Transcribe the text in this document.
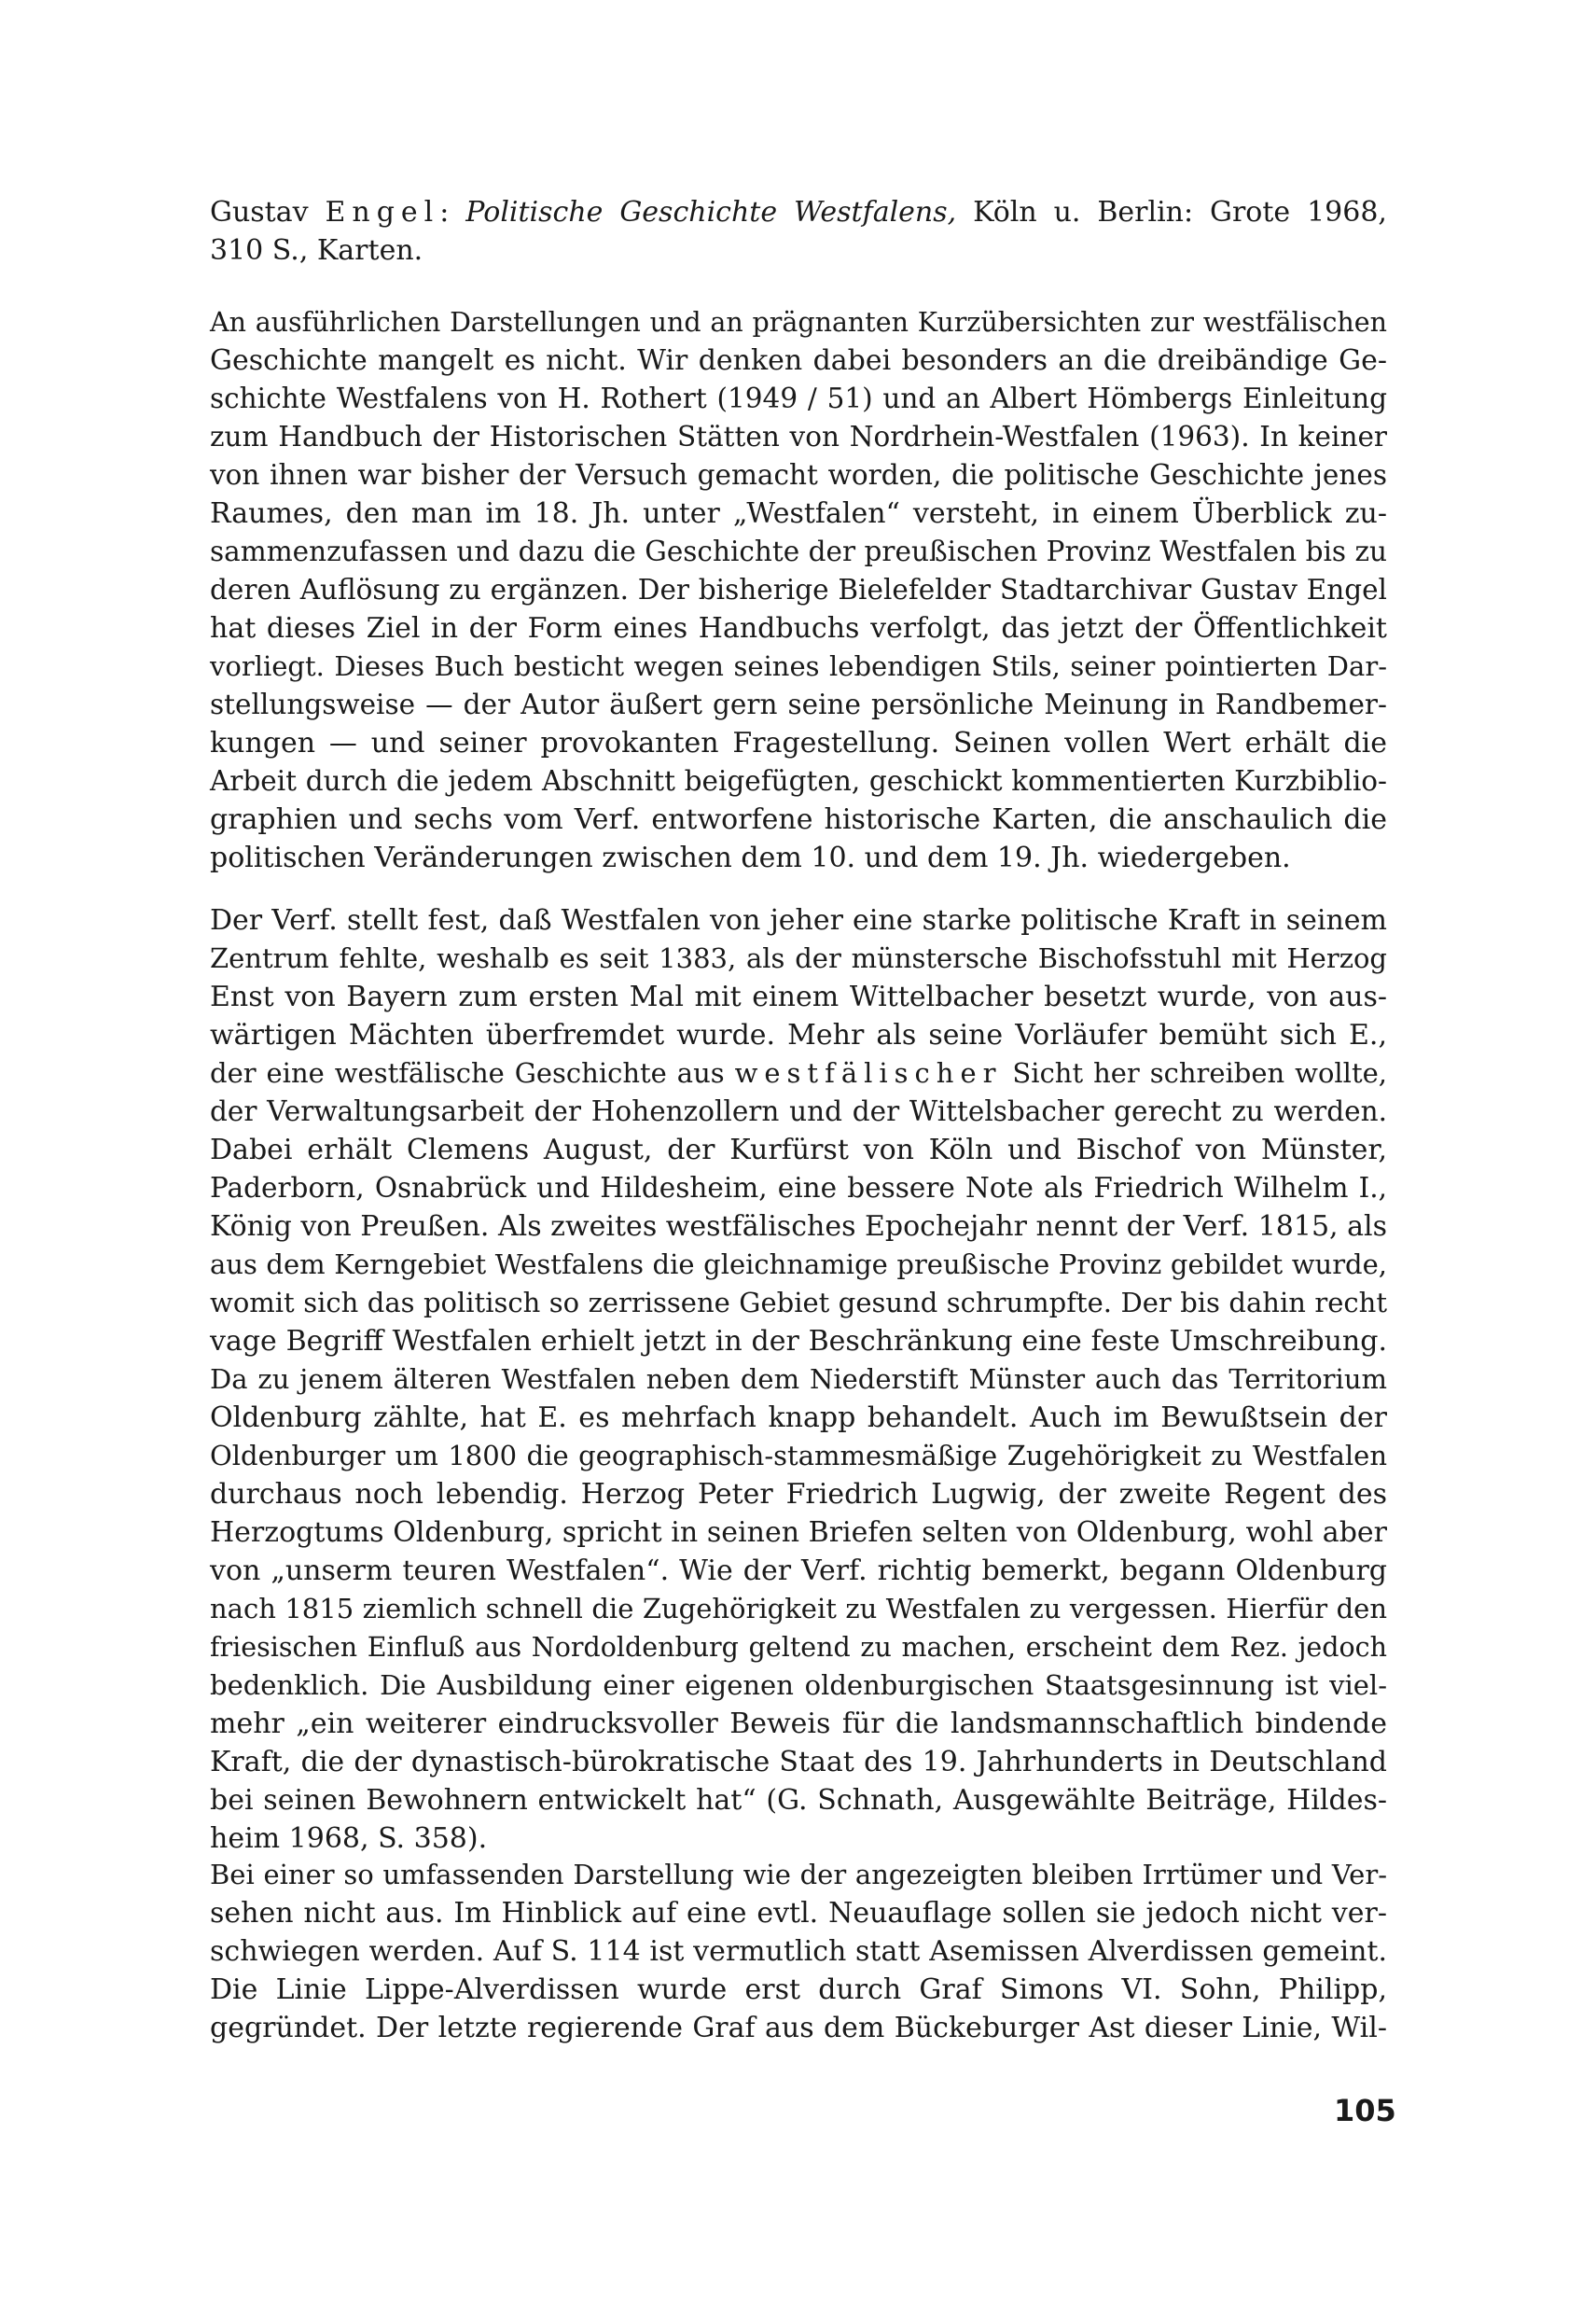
Gustav Engel: Politische Geschichte Westfalens, Köln u. Berlin: Grote 1968,
310 S., Karten.
An ausführlichen Darstellungen und an prägnanten Kurzübersichten zur westfälischen
Geschichte mangelt es nicht. Wir denken dabei besonders an die dreibändige Ge-
schichte Westfalens von H. Rothert (1949 / 51) und an Albert Hömbergs Einleitung
zum Handbuch der Historischen Stätten von Nordrhein-Westfalen (1963). In keiner
von ihnen war bisher der Versuch gemacht worden, die politische Geschichte jenes
Raumes, den man im 18. Jh. unter „Westfalen“ versteht, in einem Überblick zu-
sammenzufassen und dazu die Geschichte der preußischen Provinz Westfalen bis zu
deren Auflösung zu ergänzen. Der bisherige Bielefelder Stadtarchivar Gustav Engel
hat dieses Ziel in der Form eines Handbuchs verfolgt, das jetzt der Öffentlichkeit
vorliegt. Dieses Buch besticht wegen seines lebendigen Stils, seiner pointierten Dar-
stellungsweise — der Autor äußert gern seine persönliche Meinung in Randbemer-
kungen — und seiner provokanten Fragestellung. Seinen vollen Wert erhält die
Arbeit durch die jedem Abschnitt beigefügten, geschickt kommentierten Kurzbiblio-
graphien und sechs vom Verf. entworfene historische Karten, die anschaulich die
politischen Veränderungen zwischen dem 10. und dem 19. Jh. wiedergeben.
Der Verf. stellt fest, daß Westfalen von jeher eine starke politische Kraft in seinem
Zentrum fehlte, weshalb es seit 1383, als der münstersche Bischofsstuhl mit Herzog
Enst von Bayern zum ersten Mal mit einem Wittelbacher besetzt wurde, von aus-
wärtigen Mächten überfremdet wurde. Mehr als seine Vorläufer bemüht sich E.,
der eine westfälische Geschichte aus westfälischer Sicht her schreiben wollte,
der Verwaltungsarbeit der Hohenzollern und der Wittelsbacher gerecht zu werden.
Dabei erhält Clemens August, der Kurfürst von Köln und Bischof von Münster,
Paderborn, Osnabrück und Hildesheim, eine bessere Note als Friedrich Wilhelm I.,
König von Preußen. Als zweites westfälisches Epochejahr nennt der Verf. 1815, als
aus dem Kerngebiet Westfalens die gleichnamige preußische Provinz gebildet wurde,
womit sich das politisch so zerrissene Gebiet gesund schrumpfte. Der bis dahin recht
vage Begriff Westfalen erhielt jetzt in der Beschränkung eine feste Umschreibung.
Da zu jenem älteren Westfalen neben dem Niederstift Münster auch das Territorium
Oldenburg zählte, hat E. es mehrfach knapp behandelt. Auch im Bewußtsein der
Oldenburger um 1800 die geographisch-stammesmäßige Zugehörigkeit zu Westfalen
durchaus noch lebendig. Herzog Peter Friedrich Lugwig, der zweite Regent des
Herzogtums Oldenburg, spricht in seinen Briefen selten von Oldenburg, wohl aber
von „unserm teuren Westfalen“. Wie der Verf. richtig bemerkt, begann Oldenburg
nach 1815 ziemlich schnell die Zugehörigkeit zu Westfalen zu vergessen. Hierfür den
friesischen Einfluß aus Nordoldenburg geltend zu machen, erscheint dem Rez. jedoch
bedenklich. Die Ausbildung einer eigenen oldenburgischen Staatsgesinnung ist viel-
mehr „ein weiterer eindrucksvoller Beweis für die landsmannschaftlich bindende
Kraft, die der dynastisch-bürokratische Staat des 19. Jahrhunderts in Deutschland
bei seinen Bewohnern entwickelt hat“ (G. Schnath, Ausgewählte Beiträge, Hildes-
heim 1968, S. 358).
Bei einer so umfassenden Darstellung wie der angezeigten bleiben Irrtümer und Ver-
sehen nicht aus. Im Hinblick auf eine evtl. Neuauflage sollen sie jedoch nicht ver-
schwiegen werden. Auf S. 114 ist vermutlich statt Asemissen Alverdissen gemeint.
Die Linie Lippe-Alverdissen wurde erst durch Graf Simons VI. Sohn, Philipp,
gegründet. Der letzte regierende Graf aus dem Bückeburger Ast dieser Linie, Wil-
105
